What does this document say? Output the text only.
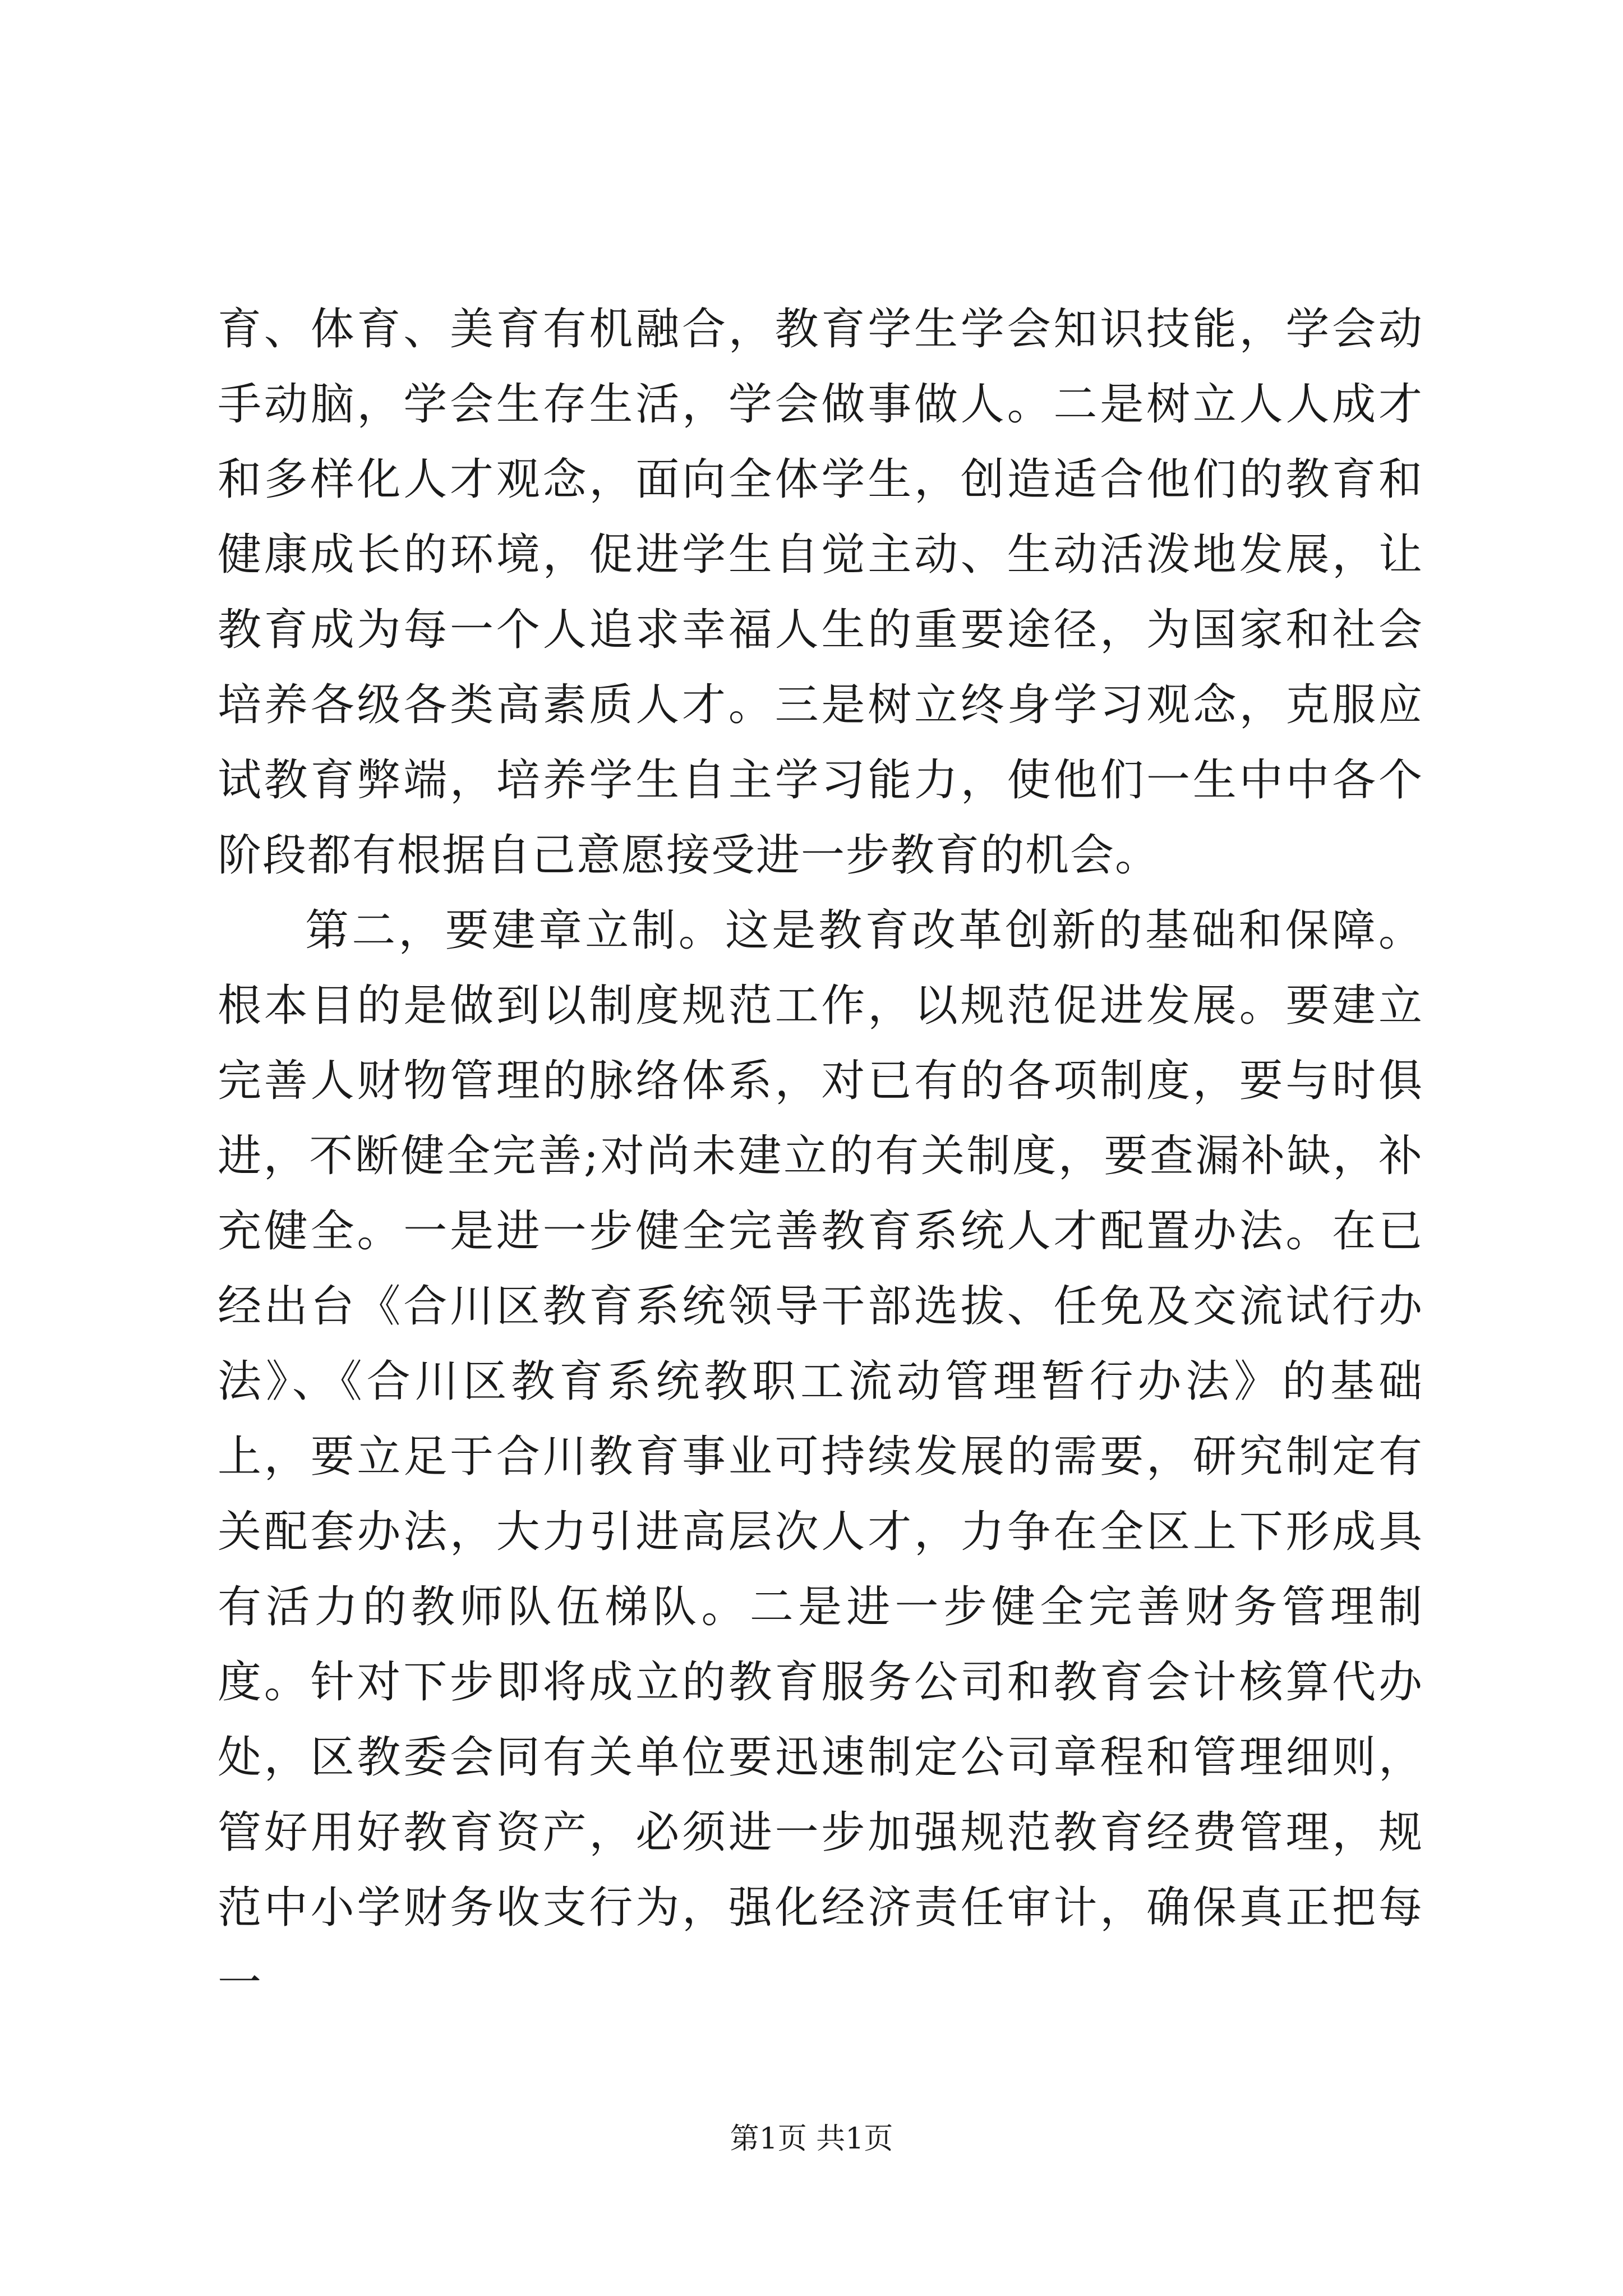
育、体育、美育有机融合，教育学生学会知识技能，学会动手动脑，学会生存生活，学会做事做人。二是树立人人成才和多样化人才观念，面向全体学生，创造适合他们的教育和健康成长的环境，促进学生自觉主动、生动活泼地发展，让教育成为每一个人追求幸福人生的重要途径，为国家和社会培养各级各类高素质人才。三是树立终身学习观念，克服应试教育弊端，培养学生自主学习能力，使他们一生中中各个阶段都有根据自己意愿接受进一步教育的机会。

第二，要建章立制。这是教育改革创新的基础和保障。根本目的是做到以制度规范工作，以规范促进发展。要建立完善人财物管理的脉络体系，对已有的各项制度，要与时俱进，不断健全完善;对尚未建立的有关制度，要查漏补缺，补充健全。一是进一步健全完善教育系统人才配置办法。在已经出台《合川区教育系统领导干部选拔、任免及交流试行办法》、《合川区教育系统教职工流动管理暂行办法》的基础上，要立足于合川教育事业可持续发展的需要，研究制定有关配套办法，大力引进高层次人才，力争在全区上下形成具有活力的教师队伍梯队。二是进一步健全完善财务管理制度。针对下步即将成立的教育服务公司和教育会计核算代办处，区教委会同有关单位要迅速制定公司章程和管理细则，管好用好教育资产，必须进一步加强规范教育经费管理，规范中小学财务收支行为，强化经济责任审计，确保真正把每一

第1页 共1页
